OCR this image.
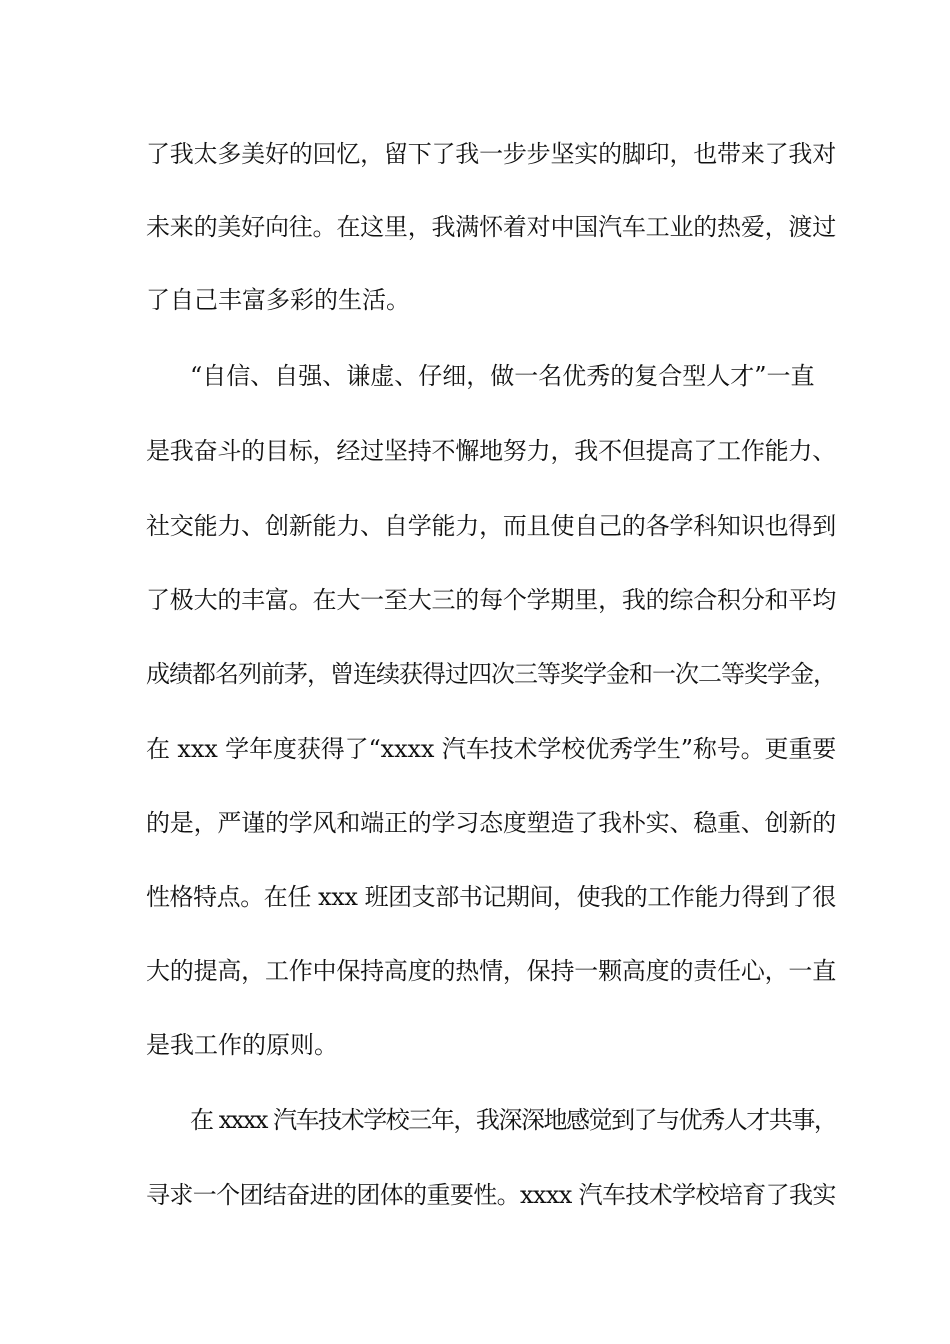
了我太多美好的回忆，留下了我一步步坚实的脚印，也带来了我对
未来的美好向往。在这里，我满怀着对中国汽车工业的热爱，渡过
了自己丰富多彩的生活。
“自信、自强、谦虚、仔细，做一名优秀的复合型人才”一直
是我奋斗的目标，经过坚持不懈地努力，我不但提高了工作能力、
社交能力、创新能力、自学能力，而且使自己的各学科知识也得到
了极大的丰富。在大一至大三的每个学期里，我的综合积分和平均
成绩都名列前茅，曾连续获得过四次三等奖学金和一次二等奖学金，
在 xxx 学年度获得了“xxxx 汽车技术学校优秀学生”称号。更重要
的是，严谨的学风和端正的学习态度塑造了我朴实、稳重、创新的
性格特点。在任 xxx 班团支部书记期间，使我的工作能力得到了很
大的提高，工作中保持高度的热情，保持一颗高度的责任心，一直
是我工作的原则。
在 xxxx 汽车技术学校三年，我深深地感觉到了与优秀人才共事，
寻求一个团结奋进的团体的重要性。xxxx 汽车技术学校培育了我实
